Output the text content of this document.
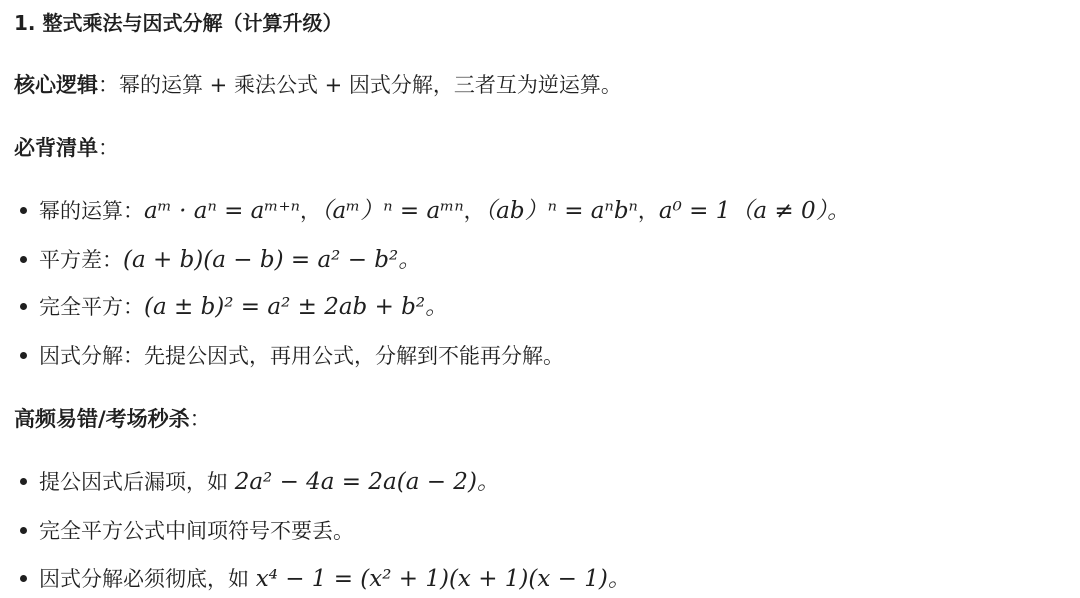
1. 整式乘法与因式分解（计算升级）
核心逻辑：幂的运算 + 乘法公式 + 因式分解，三者互为逆运算。
必背清单：
幂的运算：aᵐ · aⁿ = aᵐ⁺ⁿ，（aᵐ）ⁿ = aᵐⁿ，（ab）ⁿ = aⁿbⁿ，a⁰ = 1（a ≠ 0）。
平方差：(a + b)(a − b) = a² − b²。
完全平方：(a ± b)² = a² ± 2ab + b²。
因式分解：先提公因式，再用公式，分解到不能再分解。
高频易错/考场秒杀：
提公因式后漏项，如 2a² − 4a = 2a(a − 2)。
完全平方公式中间项符号不要丢。
因式分解必须彻底，如 x⁴ − 1 = (x² + 1)(x + 1)(x − 1)。
